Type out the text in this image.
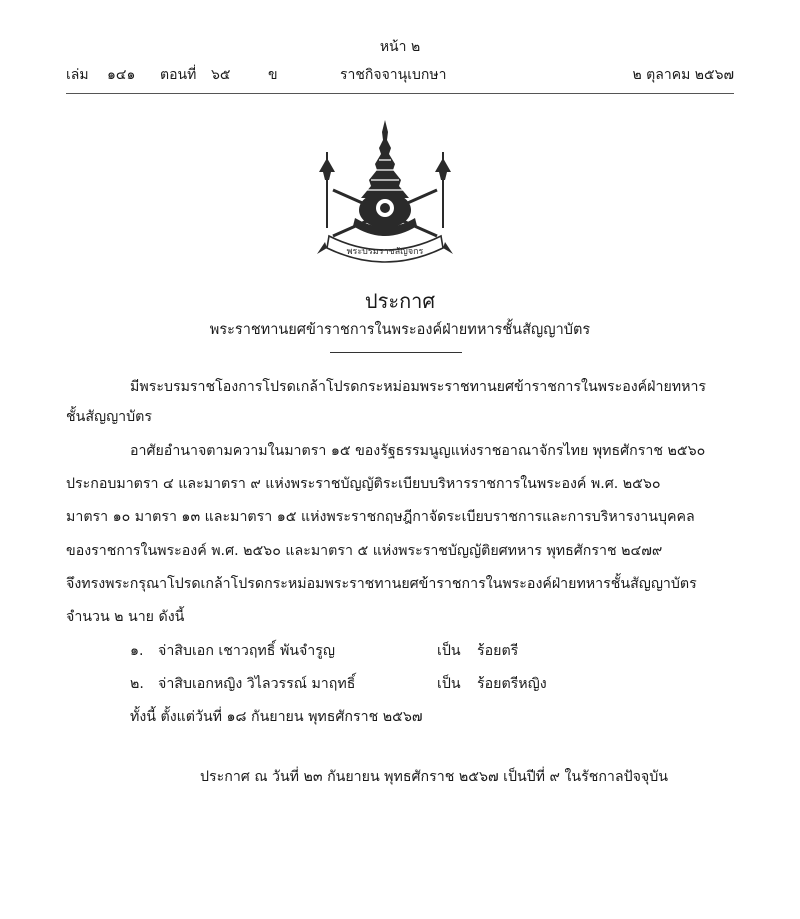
หน้า ๒
เล่ม ๑๔๑ ตอนที่ ๖๕	ข	ราชกิจจานุเบกษา	๒ ตุลาคม ๒๕๖๗
พระบรมราชลัญจกร
ประกาศ
พระราชทานยศข้าราชการในพระองค์ฝ่ายทหารชั้นสัญญาบัตร
มีพระบรมราชโองการโปรดเกล้าโปรดกระหม่อมพระราชทานยศข้าราชการในพระองค์ฝ่ายทหาร
ชั้นสัญญาบัตร
อาศัยอำนาจตามความในมาตรา ๑๕ ของรัฐธรรมนูญแห่งราชอาณาจักรไทย พุทธศักราช ๒๕๖๐
ประกอบมาตรา ๔ และมาตรา ๙ แห่งพระราชบัญญัติระเบียบบริหารราชการในพระองค์ พ.ศ. ๒๕๖๐
มาตรา ๑๐ มาตรา ๑๓ และมาตรา ๑๕ แห่งพระราชกฤษฎีกาจัดระเบียบราชการและการบริหารงานบุคคล
ของราชการในพระองค์ พ.ศ. ๒๕๖๐ และมาตรา ๕ แห่งพระราชบัญญัติยศทหาร พุทธศักราช ๒๔๗๙
จึงทรงพระกรุณาโปรดเกล้าโปรดกระหม่อมพระราชทานยศข้าราชการในพระองค์ฝ่ายทหารชั้นสัญญาบัตร
จำนวน ๒ นาย ดังนี้
๑. จ่าสิบเอก เชาวฤทธิ์ พันจำรูญ	เป็น ร้อยตรี
๒. จ่าสิบเอกหญิง วิไลวรรณ์ มาฤทธิ์	เป็น ร้อยตรีหญิง
ทั้งนี้ ตั้งแต่วันที่ ๑๘ กันยายน พุทธศักราช ๒๕๖๗
ประกาศ ณ วันที่ ๒๓ กันยายน พุทธศักราช ๒๕๖๗ เป็นปีที่ ๙ ในรัชกาลปัจจุบัน
